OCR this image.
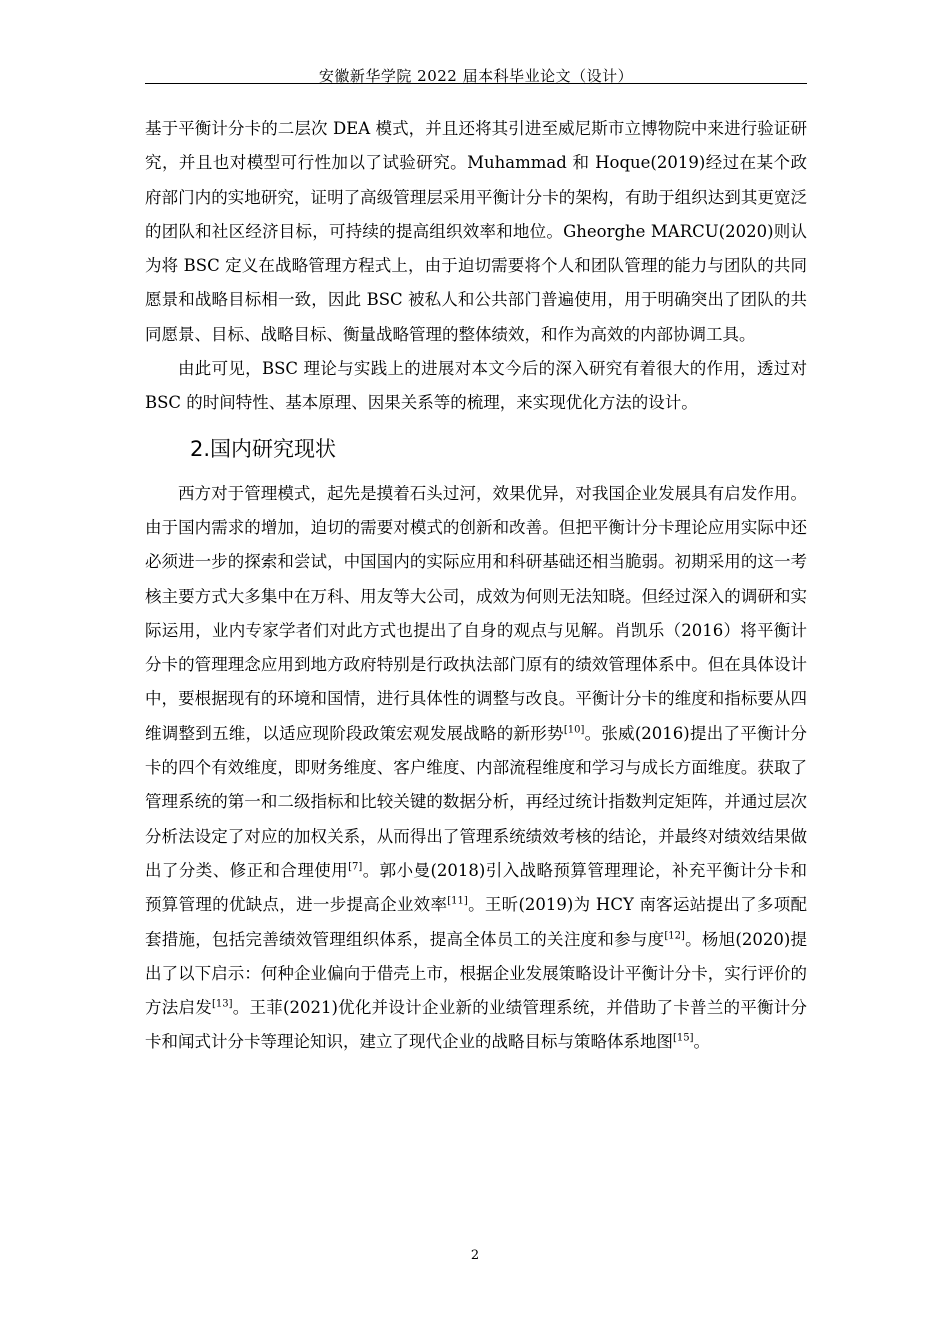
安徽新华学院 2022 届本科毕业论文（设计）

基于平衡计分卡的二层次 DEA 模式，并且还将其引进至威尼斯市立博物院中来进行验证研究，并且也对模型可行性加以了试验研究。Muhammad 和 Hoque(2019)经过在某个政府部门内的实地研究，证明了高级管理层采用平衡计分卡的架构，有助于组织达到其更宽泛的团队和社区经济目标，可持续的提高组织效率和地位。Gheorghe MARCU(2020)则认为将 BSC 定义在战略管理方程式上，由于迫切需要将个人和团队管理的能力与团队的共同愿景和战略目标相一致，因此 BSC 被私人和公共部门普遍使用，用于明确突出了团队的共同愿景、目标、战略目标、衡量战略管理的整体绩效，和作为高效的内部协调工具。

由此可见，BSC 理论与实践上的进展对本文今后的深入研究有着很大的作用，透过对 BSC 的时间特性、基本原理、因果关系等的梳理，来实现优化方法的设计。

2.国内研究现状

西方对于管理模式，起先是摸着石头过河，效果优异，对我国企业发展具有启发作用。由于国内需求的增加，迫切的需要对模式的创新和改善。但把平衡计分卡理论应用实际中还必须进一步的探索和尝试，中国国内的实际应用和科研基础还相当脆弱。初期采用的这一考核主要方式大多集中在万科、用友等大公司，成效为何则无法知晓。但经过深入的调研和实际运用，业内专家学者们对此方式也提出了自身的观点与见解。肖凯乐（2016）将平衡计分卡的管理理念应用到地方政府特别是行政执法部门原有的绩效管理体系中。但在具体设计中，要根据现有的环境和国情，进行具体性的调整与改良。平衡计分卡的维度和指标要从四维调整到五维，以适应现阶段政策宏观发展战略的新形势[10]。张威(2016)提出了平衡计分卡的四个有效维度，即财务维度、客户维度、内部流程维度和学习与成长方面维度。获取了管理系统的第一和二级指标和比较关键的数据分析，再经过统计指数判定矩阵，并通过层次分析法设定了对应的加权关系，从而得出了管理系统绩效考核的结论，并最终对绩效结果做出了分类、修正和合理使用[7]。郭小曼(2018)引入战略预算管理理论，补充平衡计分卡和预算管理的优缺点，进一步提高企业效率[11]。王昕(2019)为 HCY 南客运站提出了多项配套措施，包括完善绩效管理组织体系，提高全体员工的关注度和参与度[12]。杨旭(2020)提出了以下启示：何种企业偏向于借壳上市，根据企业发展策略设计平衡计分卡，实行评价的方法启发[13]。王菲(2021)优化并设计企业新的业绩管理系统，并借助了卡普兰的平衡计分卡和闻式计分卡等理论知识，建立了现代企业的战略目标与策略体系地图[15]。

2
